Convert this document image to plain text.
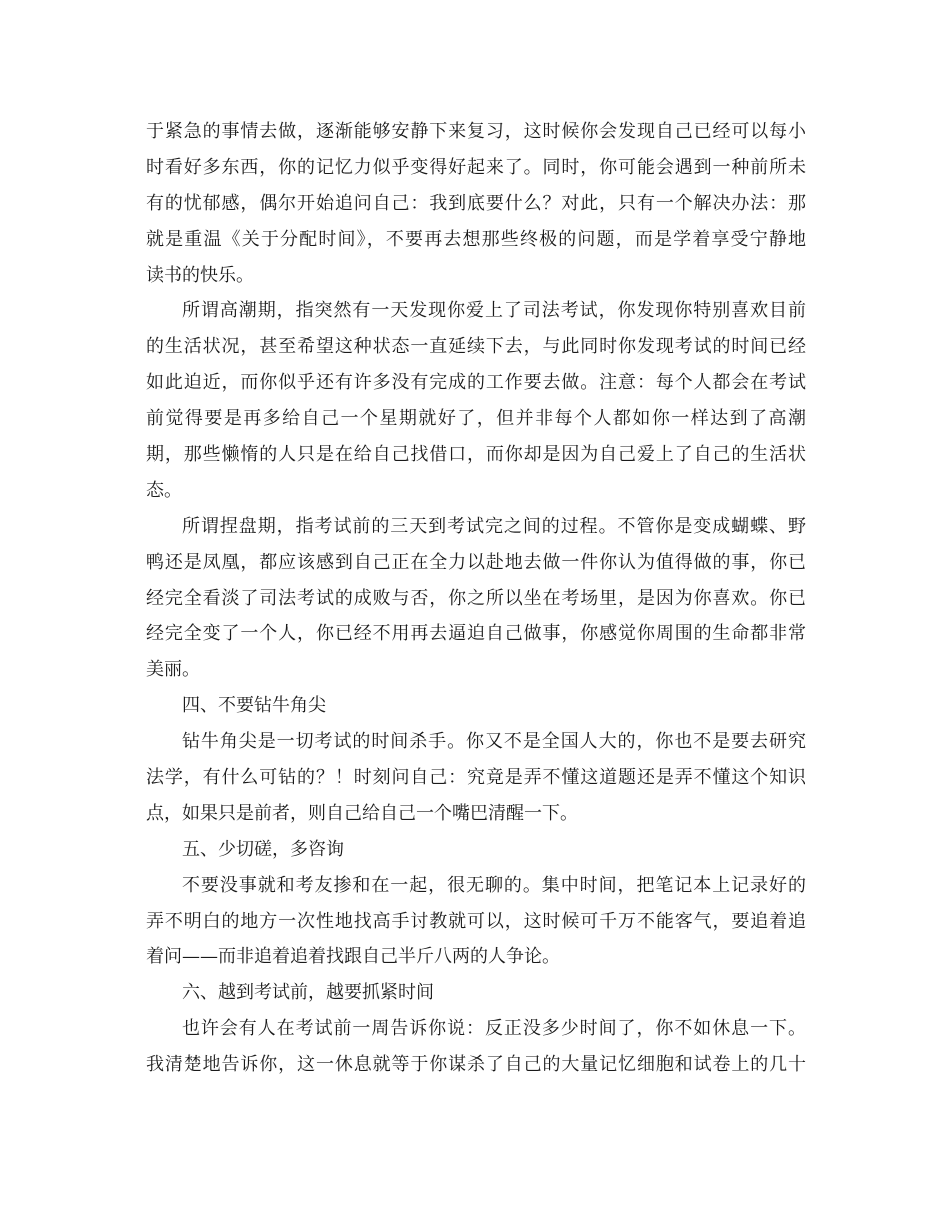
于紧急的事情去做，逐渐能够安静下来复习，这时候你会发现自己已经可以每小
时看好多东西，你的记忆力似乎变得好起来了。同时，你可能会遇到一种前所未
有的忧郁感，偶尔开始追问自己：我到底要什么？对此，只有一个解决办法：那
就是重温《关于分配时间》，不要再去想那些终极的问题，而是学着享受宁静地
读书的快乐。
所谓高潮期，指突然有一天发现你爱上了司法考试，你发现你特别喜欢目前
的生活状况，甚至希望这种状态一直延续下去，与此同时你发现考试的时间已经
如此迫近，而你似乎还有许多没有完成的工作要去做。注意：每个人都会在考试
前觉得要是再多给自己一个星期就好了，但并非每个人都如你一样达到了高潮
期，那些懒惰的人只是在给自己找借口，而你却是因为自己爱上了自己的生活状
态。
所谓捏盘期，指考试前的三天到考试完之间的过程。不管你是变成蝴蝶、野
鸭还是凤凰，都应该感到自己正在全力以赴地去做一件你认为值得做的事，你已
经完全看淡了司法考试的成败与否，你之所以坐在考场里，是因为你喜欢。你已
经完全变了一个人，你已经不用再去逼迫自己做事，你感觉你周围的生命都非常
美丽。
四、不要钻牛角尖
钻牛角尖是一切考试的时间杀手。你又不是全国人大的，你也不是要去研究
法学，有什么可钻的？！时刻问自己：究竟是弄不懂这道题还是弄不懂这个知识
点，如果只是前者，则自己给自己一个嘴巴清醒一下。
五、少切磋，多咨询
不要没事就和考友掺和在一起，很无聊的。集中时间，把笔记本上记录好的
弄不明白的地方一次性地找高手讨教就可以，这时候可千万不能客气，要追着追
着问——而非追着追着找跟自己半斤八两的人争论。
六、越到考试前，越要抓紧时间
也许会有人在考试前一周告诉你说：反正没多少时间了，你不如休息一下。
我清楚地告诉你，这一休息就等于你谋杀了自己的大量记忆细胞和试卷上的几十
